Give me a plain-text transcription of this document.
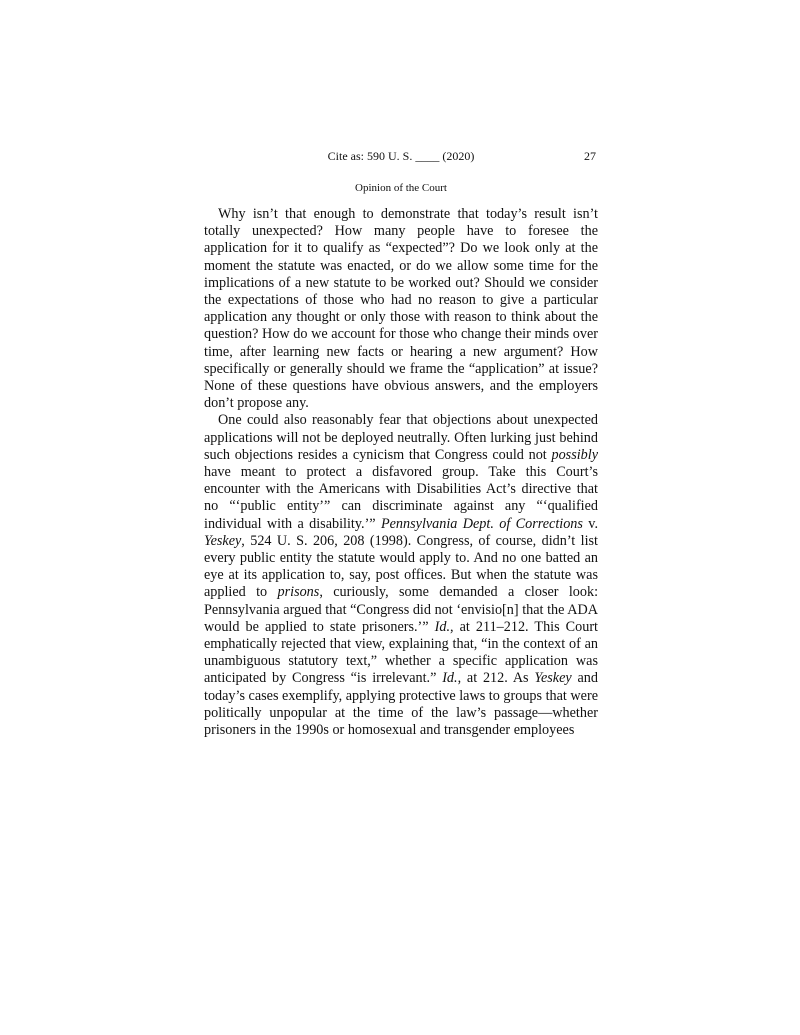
Cite as: 590 U. S. ____ (2020)	27
Opinion of the Court

Why isn’t that enough to demonstrate that today’s result isn’t totally unexpected? How many people have to foresee the application for it to qualify as “expected”? Do we look only at the moment the statute was enacted, or do we allow some time for the implications of a new statute to be worked out? Should we consider the expectations of those who had no reason to give a particular application any thought or only those with reason to think about the question? How do we account for those who change their minds over time, after learning new facts or hearing a new argument? How specifically or generally should we frame the “application” at issue? None of these questions have obvious answers, and the employers don’t propose any.

One could also reasonably fear that objections about unexpected applications will not be deployed neutrally. Often lurking just behind such objections resides a cynicism that Congress could not possibly have meant to protect a disfavored group. Take this Court’s encounter with the Americans with Disabilities Act’s directive that no “‘public entity’” can discriminate against any “‘qualified individual with a disability.’” Pennsylvania Dept. of Corrections v. Yeskey, 524 U. S. 206, 208 (1998). Congress, of course, didn’t list every public entity the statute would apply to. And no one batted an eye at its application to, say, post offices. But when the statute was applied to prisons, curiously, some demanded a closer look: Pennsylvania argued that “Congress did not ‘envisio[n] that the ADA would be applied to state prisoners.’” Id., at 211–212. This Court emphatically rejected that view, explaining that, “in the context of an unambiguous statutory text,” whether a specific application was anticipated by Congress “is irrelevant.” Id., at 212. As Yeskey and today’s cases exemplify, applying protective laws to groups that were politically unpopular at the time of the law’s passage—whether prisoners in the 1990s or homosexual and transgender employees
